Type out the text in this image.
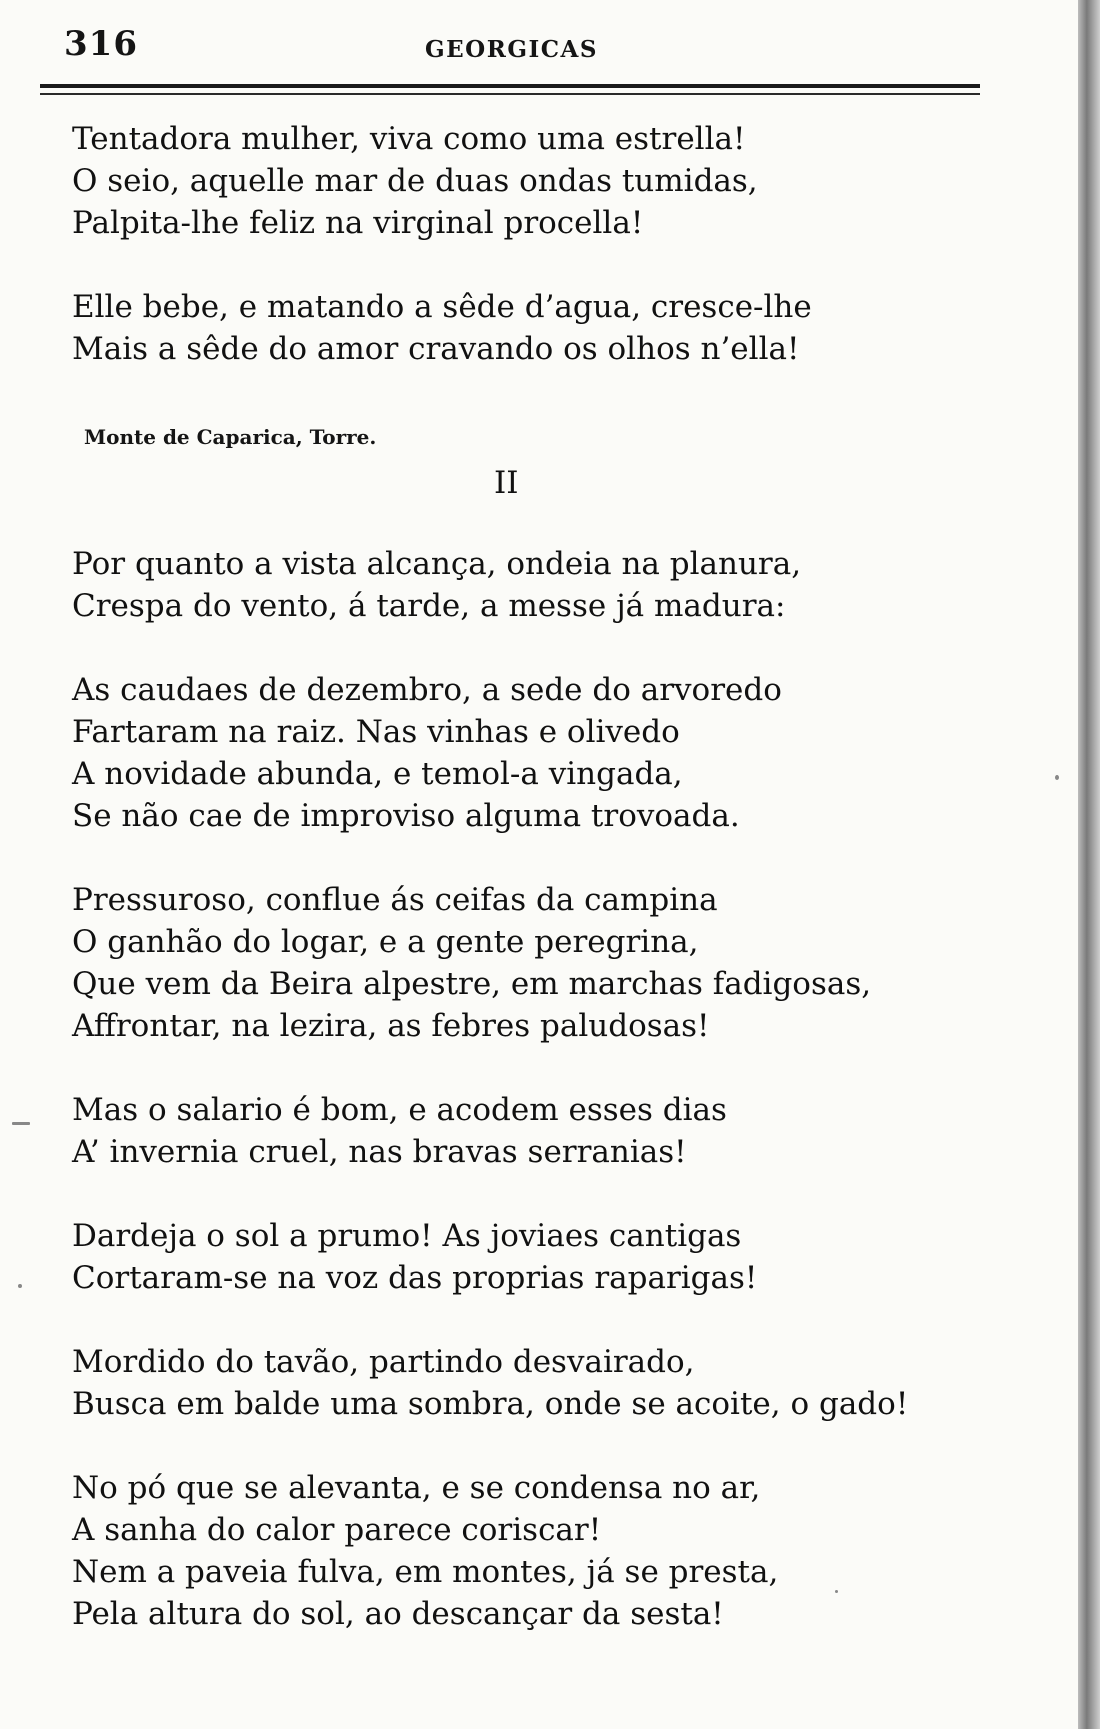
316	GEORGICAS
Tentadora mulher, viva como uma estrella!
O seio, aquelle mar de duas ondas tumidas,
Palpita-lhe feliz na virginal procella!
Elle bebe, e matando a sêde d’agua, cresce-lhe
Mais a sêde do amor cravando os olhos n’ella!
Monte de Caparica, Torre.
II
Por quanto a vista alcança, ondeia na planura,
Crespa do vento, á tarde, a messe já madura:
As caudaes de dezembro, a sede do arvoredo
Fartaram na raiz. Nas vinhas e olivedo
A novidade abunda, e temol-a vingada,
Se não cae de improviso alguma trovoada.
Pressuroso, conflue ás ceifas da campina
O ganhão do logar, e a gente peregrina,
Que vem da Beira alpestre, em marchas fadigosas,
Affrontar, na lezira, as febres paludosas!
Mas o salario é bom, e acodem esses dias
A’ invernia cruel, nas bravas serranias!
Dardeja o sol a prumo! As joviaes cantigas
Cortaram-se na voz das proprias raparigas!
Mordido do tavão, partindo desvairado,
Busca em balde uma sombra, onde se acoite, o gado!
No pó que se alevanta, e se condensa no ar,
A sanha do calor parece coriscar!
Nem a paveia fulva, em montes, já se presta,
Pela altura do sol, ao descançar da sesta!
